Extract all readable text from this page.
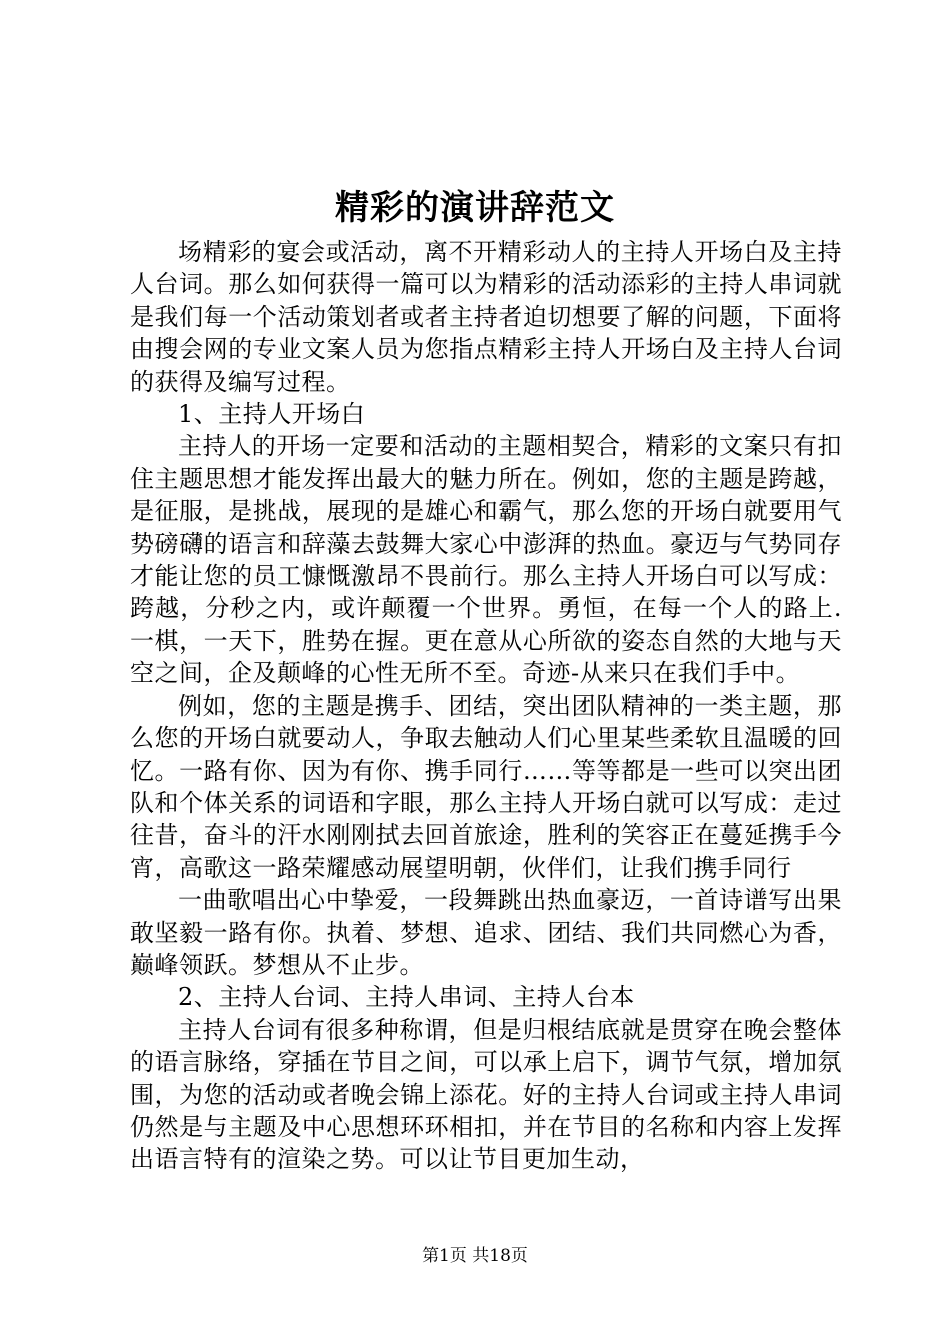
精彩的演讲辞范文

场精彩的宴会或活动，离不开精彩动人的主持人开场白及主持人台词。那么如何获得一篇可以为精彩的活动添彩的主持人串词就是我们每一个活动策划者或者主持者迫切想要了解的问题，下面将由搜会网的专业文案人员为您指点精彩主持人开场白及主持人台词的获得及编写过程。

1、主持人开场白

主持人的开场一定要和活动的主题相契合，精彩的文案只有扣住主题思想才能发挥出最大的魅力所在。例如，您的主题是跨越，是征服，是挑战，展现的是雄心和霸气，那么您的开场白就要用气势磅礴的语言和辞藻去鼓舞大家心中澎湃的热血。豪迈与气势同存才能让您的员工慷慨激昂不畏前行。那么主持人开场白可以写成：跨越，分秒之内，或许颠覆一个世界。勇恒，在每一个人的路上.一棋，一天下，胜势在握。更在意从心所欲的姿态自然的大地与天空之间，企及颠峰的心性无所不至。奇迹-从来只在我们手中。

例如，您的主题是携手、团结，突出团队精神的一类主题，那么您的开场白就要动人，争取去触动人们心里某些柔软且温暖的回忆。一路有你、因为有你、携手同行……等等都是一些可以突出团队和个体关系的词语和字眼，那么主持人开场白就可以写成：走过往昔，奋斗的汗水刚刚拭去回首旅途，胜利的笑容正在蔓延携手今宵，高歌这一路荣耀感动展望明朝，伙伴们，让我们携手同行

一曲歌唱出心中挚爱，一段舞跳出热血豪迈，一首诗谱写出果敢坚毅一路有你。执着、梦想、追求、团结、我们共同燃心为香，巅峰领跃。梦想从不止步。

2、主持人台词、主持人串词、主持人台本

主持人台词有很多种称谓，但是归根结底就是贯穿在晚会整体的语言脉络，穿插在节目之间，可以承上启下，调节气氛，增加氛围，为您的活动或者晚会锦上添花。好的主持人台词或主持人串词仍然是与主题及中心思想环环相扣，并在节目的名称和内容上发挥出语言特有的渲染之势。可以让节目更加生动，

第1页 共18页
